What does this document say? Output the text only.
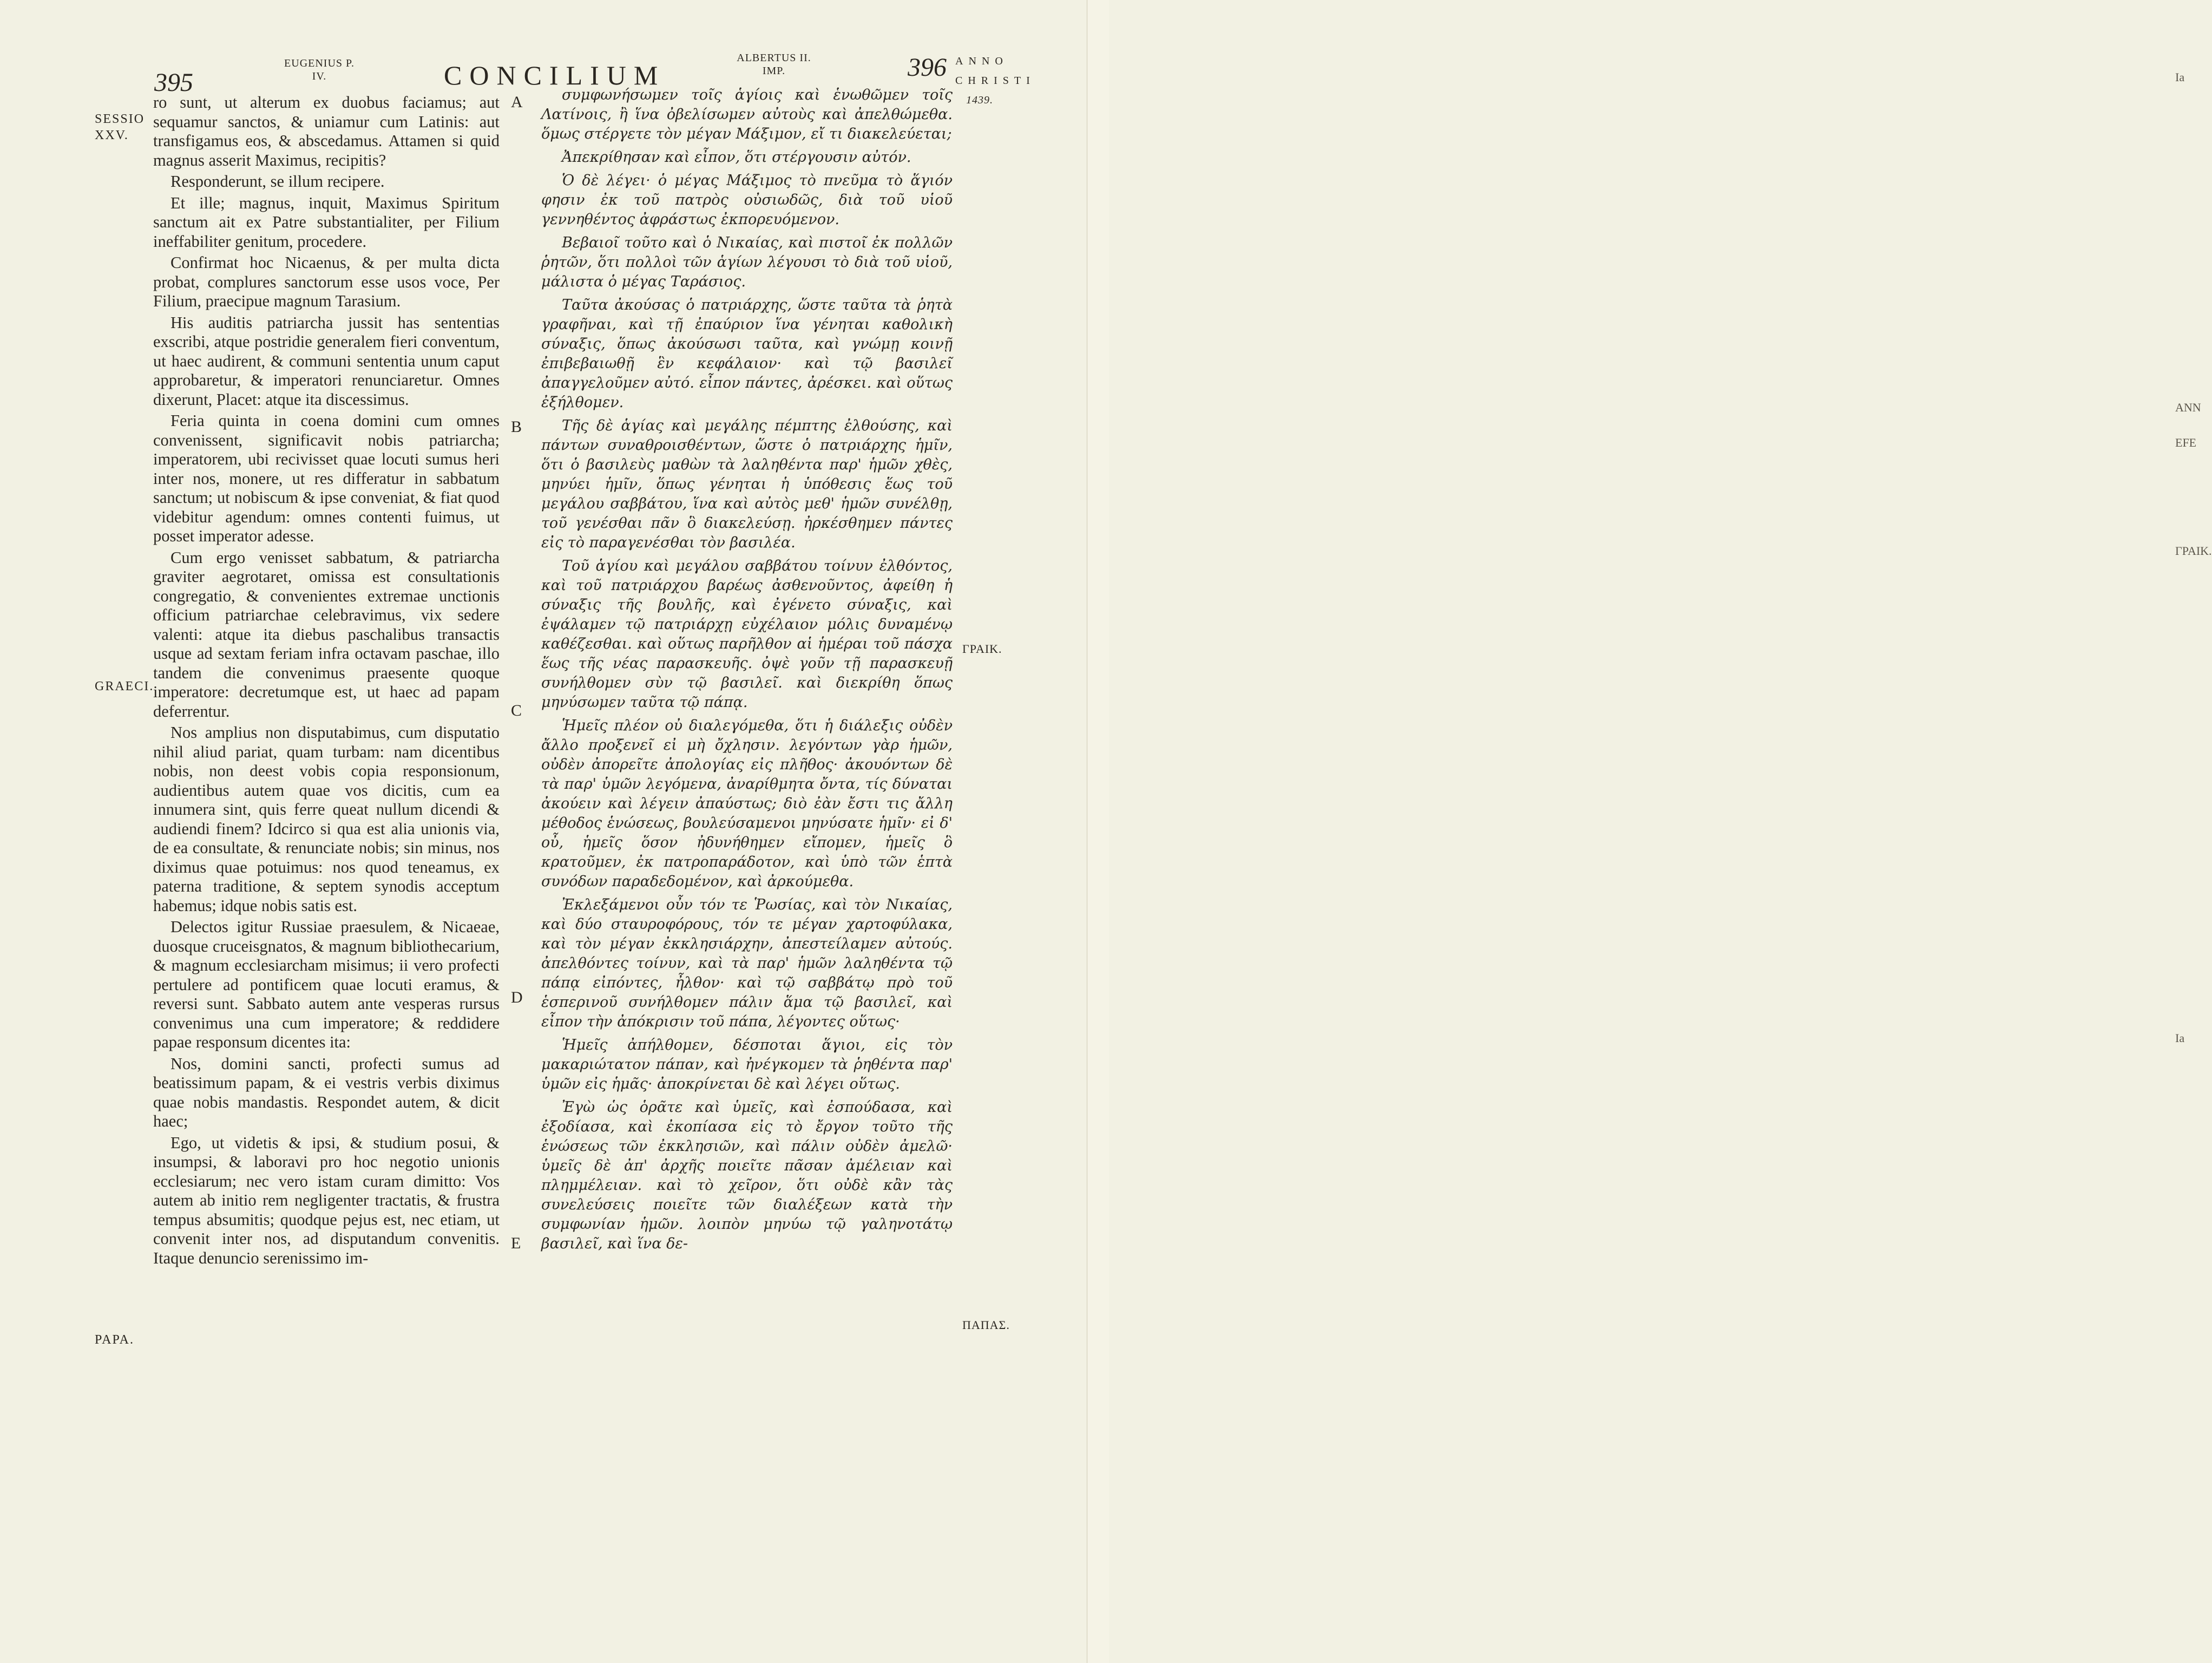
Ia
ANN
EFE
ΓΡΑΙΚ.
Ia
395
EUGENIUS P. IV.	CONCILIUM
ALBERTUS II. IMP.	396 ANNO CHRISTI
1439.
SESSIO XXV.
GRAECI.
PAPA.
ΓΡΑΙΚ.
ΠΑΠΑΣ.
A
B
C
D
E

ro sunt, ut alterum ex duobus faciamus; aut sequamur sanctos, & uniamur cum Latinis: aut transfigamus eos, & abscedamus. Attamen si quid magnus asserit Maximus, recipitis?

Responderunt, se illum recipere.

Et ille; magnus, inquit, Maximus Spiritum sanctum ait ex Patre substantialiter, per Filium ineffabiliter genitum, procedere.

Confirmat hoc Nicaenus, & per multa dicta probat, complures sanctorum esse usos voce, Per Filium, praecipue magnum Tarasium.

His auditis patriarcha jussit has sententias exscribi, atque postridie generalem fieri conventum, ut haec audirent, & communi sententia unum caput approbaretur, & imperatori renunciaretur. Omnes dixerunt, Placet: atque ita discessimus.

Feria quinta in coena domini cum omnes convenissent, significavit nobis patriarcha; imperatorem, ubi recivisset quae locuti sumus heri inter nos, monere, ut res differatur in sabbatum sanctum; ut nobiscum & ipse conveniat, & fiat quod videbitur agendum: omnes contenti fuimus, ut posset imperator adesse.

Cum ergo venisset sabbatum, & patriarcha graviter aegrotaret, omissa est consultationis congregatio, & convenientes extremae unctionis officium patriarchae celebravimus, vix sedere valenti: atque ita diebus paschalibus transactis usque ad sextam feriam infra octavam paschae, illo tandem die convenimus praesente quoque imperatore: decretumque est, ut haec ad papam deferrentur.

Nos amplius non disputabimus, cum disputatio nihil aliud pariat, quam turbam: nam dicentibus nobis, non deest vobis copia responsionum, audientibus autem quae vos dicitis, cum ea innumera sint, quis ferre queat nullum dicendi & audiendi finem? Idcirco si qua est alia unionis via, de ea consultate, & renunciate nobis; sin minus, nos diximus quae potuimus: nos quod teneamus, ex paterna traditione, & septem synodis acceptum habemus; idque nobis satis est.

Delectos igitur Russiae praesulem, & Nicaeae, duosque cruceisgnatos, & magnum bibliothecarium, & magnum ecclesiarcham misimus; ii vero profecti pertulere ad pontificem quae locuti eramus, & reversi sunt. Sabbato autem ante vesperas rursus convenimus una cum imperatore; & reddidere papae responsum dicentes ita:

Nos, domini sancti, profecti sumus ad beatissimum papam, & ei vestris verbis diximus quae nobis mandastis. Respondet autem, & dicit haec;

Ego, ut videtis & ipsi, & studium posui, & insumpsi, & laboravi pro hoc negotio unionis ecclesiarum; nec vero istam curam dimitto: Vos autem ab initio rem negligenter tractatis, & frustra tempus absumitis; quodque pejus est, nec etiam, ut convenit inter nos, ad disputandum convenitis. Itaque denuncio serenissimo im-

συμφωνήσωμεν τοῖς ἁγίοις καὶ ἑνωθῶμεν τοῖς Λατίνοις, ἢ ἵνα ὀβελίσωμεν αὐτοὺς καὶ ἀπελθώμεθα. ὅμως στέργετε τὸν μέγαν Μάξιμον, εἴ τι διακελεύεται;

Ἀπεκρίθησαν καὶ εἶπον, ὅτι στέργουσιν αὐτόν.

Ὁ δὲ λέγει· ὁ μέγας Μάξιμος τὸ πνεῦμα τὸ ἅγιόν φησιν ἐκ τοῦ πατρὸς οὐσιωδῶς, διὰ τοῦ υἱοῦ γεννηθέντος ἀφράστως ἐκπορευόμενον.

Βεβαιοῖ τοῦτο καὶ ὁ Νικαίας, καὶ πιστοῖ ἐκ πολλῶν ῥητῶν, ὅτι πολλοὶ τῶν ἁγίων λέγουσι τὸ διὰ τοῦ υἱοῦ, μάλιστα ὁ μέγας Ταράσιος.

Ταῦτα ἀκούσας ὁ πατριάρχης, ὥστε ταῦτα τὰ ῥητὰ γραφῆναι, καὶ τῇ ἐπαύριον ἵνα γένηται καθολικὴ σύναξις, ὅπως ἀκούσωσι ταῦτα, καὶ γνώμῃ κοινῇ ἐπιβεβαιωθῇ ἓν κεφάλαιον· καὶ τῷ βασιλεῖ ἀπαγγελοῦμεν αὐτό. εἶπον πάντες, ἀρέσκει. καὶ οὕτως ἐξήλθομεν.

Τῆς δὲ ἁγίας καὶ μεγάλης πέμπτης ἐλθούσης, καὶ πάντων συναθροισθέντων, ὥστε ὁ πατριάρχης ἡμῖν, ὅτι ὁ βασιλεὺς μαθὼν τὰ λαληθέντα παρ' ἡμῶν χθὲς, μηνύει ἡμῖν, ὅπως γένηται ἡ ὑπόθεσις ἕως τοῦ μεγάλου σαββάτου, ἵνα καὶ αὐτὸς μεθ' ἡμῶν συνέλθῃ, τοῦ γενέσθαι πᾶν ὃ διακελεύσῃ. ἠρκέσθημεν πάντες εἰς τὸ παραγενέσθαι τὸν βασιλέα.

Τοῦ ἁγίου καὶ μεγάλου σαββάτου τοίνυν ἐλθόντος, καὶ τοῦ πατριάρχου βαρέως ἀσθενοῦντος, ἀφείθη ἡ σύναξις τῆς βουλῆς, καὶ ἐγένετο σύναξις, καὶ ἐψάλαμεν τῷ πατριάρχῃ εὐχέλαιον μόλις δυναμένῳ καθέζεσθαι. καὶ οὕτως παρῆλθον αἱ ἡμέραι τοῦ πάσχα ἕως τῆς νέας παρασκευῆς. ὀψὲ γοῦν τῇ παρασκευῇ συνήλθομεν σὺν τῷ βασιλεῖ. καὶ διεκρίθη ὅπως μηνύσωμεν ταῦτα τῷ πάπᾳ.

Ἡμεῖς πλέον οὐ διαλεγόμεθα, ὅτι ἡ διάλεξις οὐδὲν ἄλλο προξενεῖ εἰ μὴ ὄχλησιν. λεγόντων γὰρ ἡμῶν, οὐδὲν ἀπορεῖτε ἀπολογίας εἰς πλῆθος· ἀκουόντων δὲ τὰ παρ' ὑμῶν λεγόμενα, ἀναρίθμητα ὄντα, τίς δύναται ἀκούειν καὶ λέγειν ἀπαύστως; διὸ ἐὰν ἔστι τις ἄλλη μέθοδος ἑνώσεως, βουλεύσαμενοι μηνύσατε ἡμῖν· εἰ δ' οὖ, ἡμεῖς ὅσον ἠδυνήθημεν εἴπομεν, ἡμεῖς ὃ κρατοῦμεν, ἐκ πατροπαράδοτον, καὶ ὑπὸ τῶν ἑπτὰ συνόδων παραδεδομένον, καὶ ἀρκούμεθα.

Ἐκλεξάμενοι οὖν τόν τε Ῥωσίας, καὶ τὸν Νικαίας, καὶ δύο σταυροφόρους, τόν τε μέγαν χαρτοφύλακα, καὶ τὸν μέγαν ἐκκλησιάρχην, ἀπεστείλαμεν αὐτούς. ἀπελθόντες τοίνυν, καὶ τὰ παρ' ἡμῶν λαληθέντα τῷ πάπᾳ εἰπόντες, ἦλθον· καὶ τῷ σαββάτῳ πρὸ τοῦ ἑσπερινοῦ συνήλθομεν πάλιν ἅμα τῷ βασιλεῖ, καὶ εἶπον τὴν ἀπόκρισιν τοῦ πάπα, λέγοντες οὕτως·

Ἡμεῖς ἀπήλθομεν, δέσποται ἅγιοι, εἰς τὸν μακαριώτατον πάπαν, καὶ ἠνέγκομεν τὰ ῥηθέντα παρ' ὑμῶν εἰς ἡμᾶς· ἀποκρίνεται δὲ καὶ λέγει οὕτως.

Ἐγὼ ὡς ὁρᾶτε καὶ ὑμεῖς, καὶ ἐσπούδασα, καὶ ἐξοδίασα, καὶ ἐκοπίασα εἰς τὸ ἔργον τοῦτο τῆς ἑνώσεως τῶν ἐκκλησιῶν, καὶ πάλιν οὐδὲν ἀμελῶ· ὑμεῖς δὲ ἀπ' ἀρχῆς ποιεῖτε πᾶσαν ἀμέλειαν καὶ πλημμέλειαν. καὶ τὸ χεῖρον, ὅτι οὐδὲ κἂν τὰς συνελεύσεις ποιεῖτε τῶν διαλέξεων κατὰ τὴν συμφωνίαν ἡμῶν. λοιπὸν μηνύω τῷ γαληνοτάτῳ βασιλεῖ, καὶ ἵνα δε-
